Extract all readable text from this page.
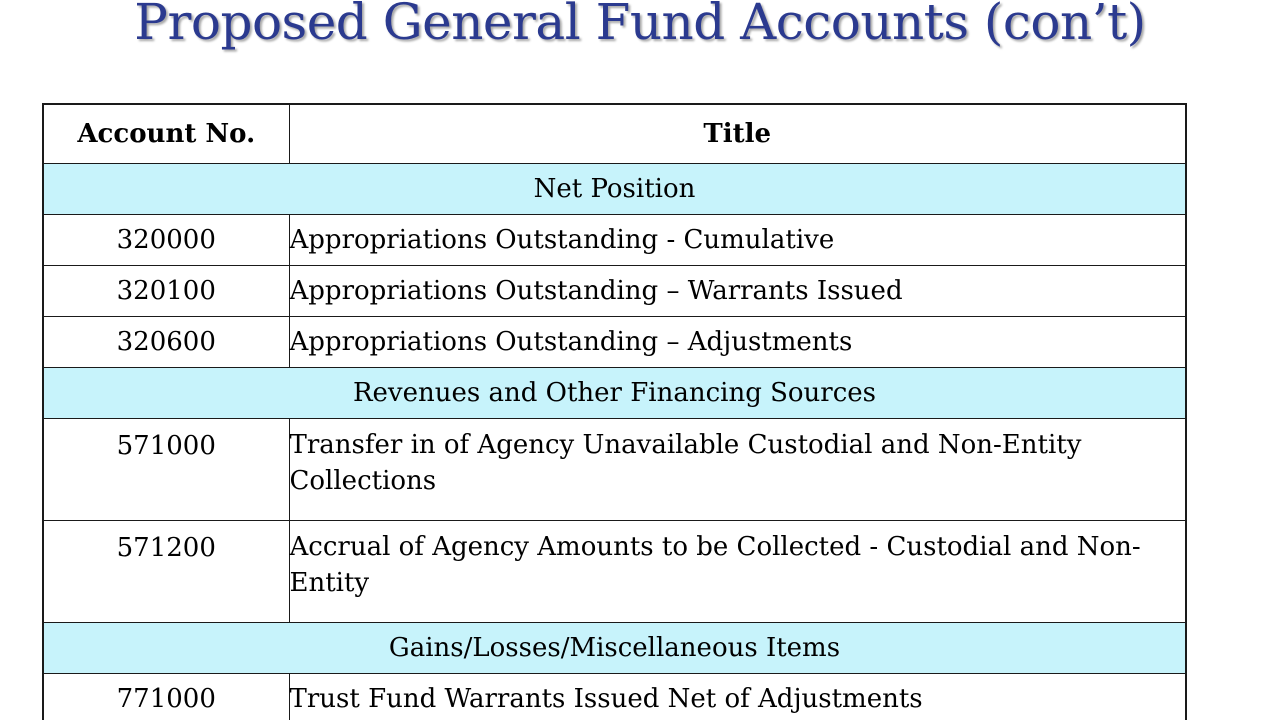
Proposed General Fund Accounts (con’t)
Account No.	Title
Net Position	
320000	Appropriations Outstanding - Cumulative
320100	Appropriations Outstanding – Warrants Issued
320600	Appropriations Outstanding – Adjustments
Revenues and Other Financing Sources	
571000	Transfer in of Agency Unavailable Custodial and Non-Entity Collections
571200	Accrual of Agency Amounts to be Collected - Custodial and Non-Entity
Gains/Losses/Miscellaneous Items	
771000	Trust Fund Warrants Issued Net of Adjustments
